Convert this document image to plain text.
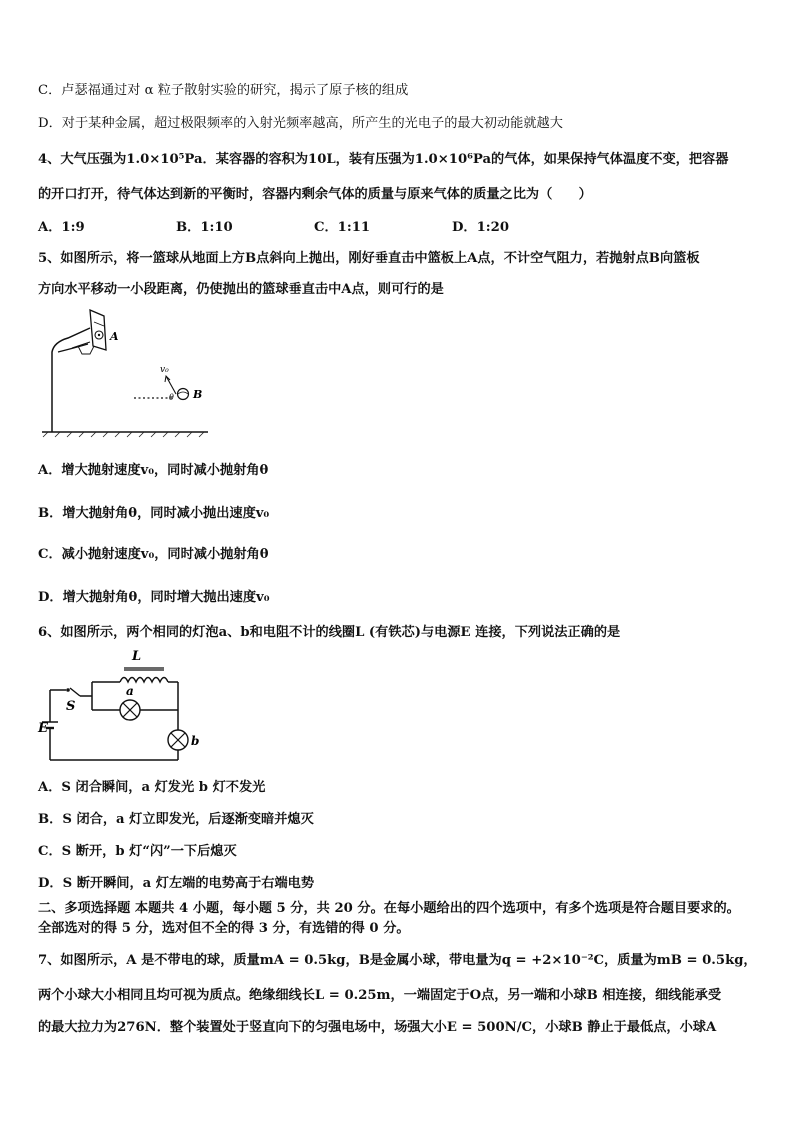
C．卢瑟福通过对 α 粒子散射实验的研究，揭示了原子核的组成
D．对于某种金属，超过极限频率的入射光频率越高，所产生的光电子的最大初动能就越大
4、大气压强为1.0×10⁵Pa．某容器的容积为10L，装有压强为1.0×10⁶Pa的气体，如果保持气体温度不变，把容器
的开口打开，待气体达到新的平衡时，容器内剩余气体的质量与原来气体的质量之比为（　　）
A．1:9	B．1:10	C．1:11	D．1:20
5、如图所示，将一篮球从地面上方B点斜向上抛出，刚好垂直击中篮板上A点，不计空气阻力，若抛射点B向篮板
方向水平移动一小段距离，仍使抛出的篮球垂直击中A点，则可行的是
A
v₀
θ B
A．增大抛射速度v₀，同时减小抛射角θ
B．增大抛射角θ，同时减小抛出速度v₀
C．减小抛射速度v₀，同时减小抛射角θ
D．增大抛射角θ，同时增大抛出速度v₀
6、如图所示，两个相同的灯泡a、b和电阻不计的线圈L (有铁芯)与电源E 连接，下列说法正确的是
L
a
S
E
b
A．S 闭合瞬间，a 灯发光 b 灯不发光
B．S 闭合，a 灯立即发光，后逐渐变暗并熄灭
C．S 断开，b 灯“闪”一下后熄灭
D．S 断开瞬间，a 灯左端的电势高于右端电势
二、多项选择题 本题共 4 小题，每小题 5 分，共 20 分。在每小题给出的四个选项中，有多个选项是符合题目要求的。
全部选对的得 5 分，选对但不全的得 3 分，有选错的得 0 分。
7、如图所示，A 是不带电的球，质量mA = 0.5kg，B是金属小球，带电量为q = +2×10⁻²C，质量为mB = 0.5kg，
两个小球大小相同且均可视为质点。绝缘细线长L = 0.25m，一端固定于O点，另一端和小球B 相连接，细线能承受
的最大拉力为276N．整个装置处于竖直向下的匀强电场中，场强大小E = 500N/C，小球B 静止于最低点，小球A
